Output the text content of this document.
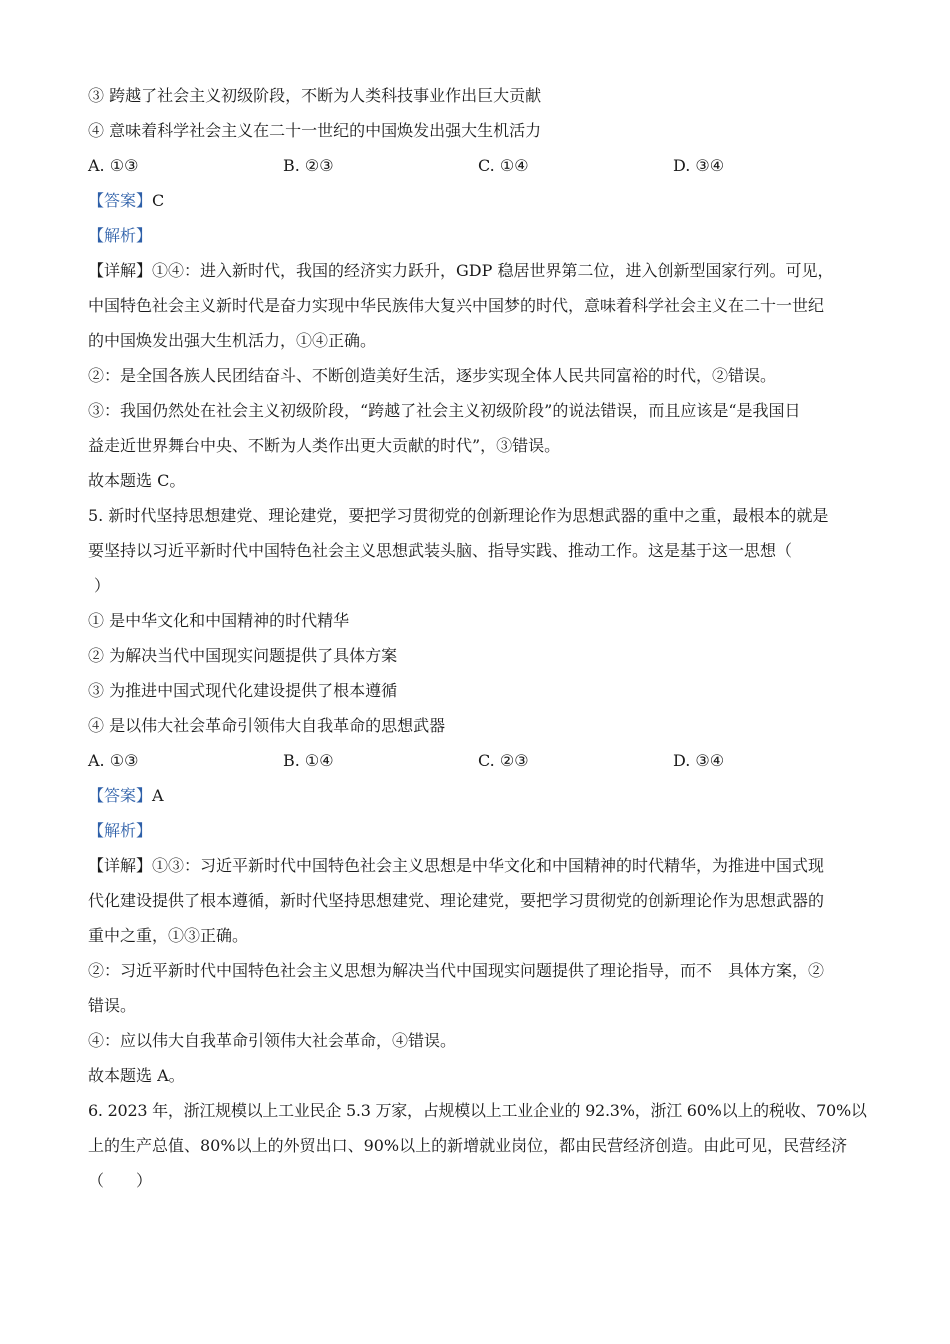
③ 跨越了社会主义初级阶段，不断为人类科技事业作出巨大贡献
④ 意味着科学社会主义在二十一世纪的中国焕发出强大生机活力
A. ①③	B. ②③	C. ①④	D. ③④
【答案】C
【解析】
【详解】①④：进入新时代，我国的经济实力跃升，GDP 稳居世界第二位，进入创新型国家行列。可见，
中国特色社会主义新时代是奋力实现中华民族伟大复兴中国梦的时代，意味着科学社会主义在二十一世纪
的中国焕发出强大生机活力，①④正确。
②：是全国各族人民团结奋斗、不断创造美好生活，逐步实现全体人民共同富裕的时代，②错误。
③：我国仍然处在社会主义初级阶段，“跨越了社会主义初级阶段”的说法错误，而且应该是“是我国日
益走近世界舞台中央、不断为人类作出更大贡献的时代”，③错误。
故本题选 C。
5. 新时代坚持思想建党、理论建党，要把学习贯彻党的创新理论作为思想武器的重中之重，最根本的就是
要坚持以习近平新时代中国特色社会主义思想武装头脑、指导实践、推动工作。这是基于这一思想（
）
① 是中华文化和中国精神的时代精华
② 为解决当代中国现实问题提供了具体方案
③ 为推进中国式现代化建设提供了根本遵循
④ 是以伟大社会革命引领伟大自我革命的思想武器
A. ①③	B. ①④	C. ②③	D. ③④
【答案】A
【解析】
【详解】①③：习近平新时代中国特色社会主义思想是中华文化和中国精神的时代精华，为推进中国式现
代化建设提供了根本遵循，新时代坚持思想建党、理论建党，要把学习贯彻党的创新理论作为思想武器的
重中之重，①③正确。
②：习近平新时代中国特色社会主义思想为解决当代中国现实问题提供了理论指导，而不　具体方案，②
错误。
④：应以伟大自我革命引领伟大社会革命，④错误。
故本题选 A。
6. 2023 年，浙江规模以上工业民企 5.3 万家，占规模以上工业企业的 92.3%，浙江 60%以上的税收、70%以
上的生产总值、80%以上的外贸出口、90%以上的新增就业岗位，都由民营经济创造。由此可见，民营经济
（　　）
